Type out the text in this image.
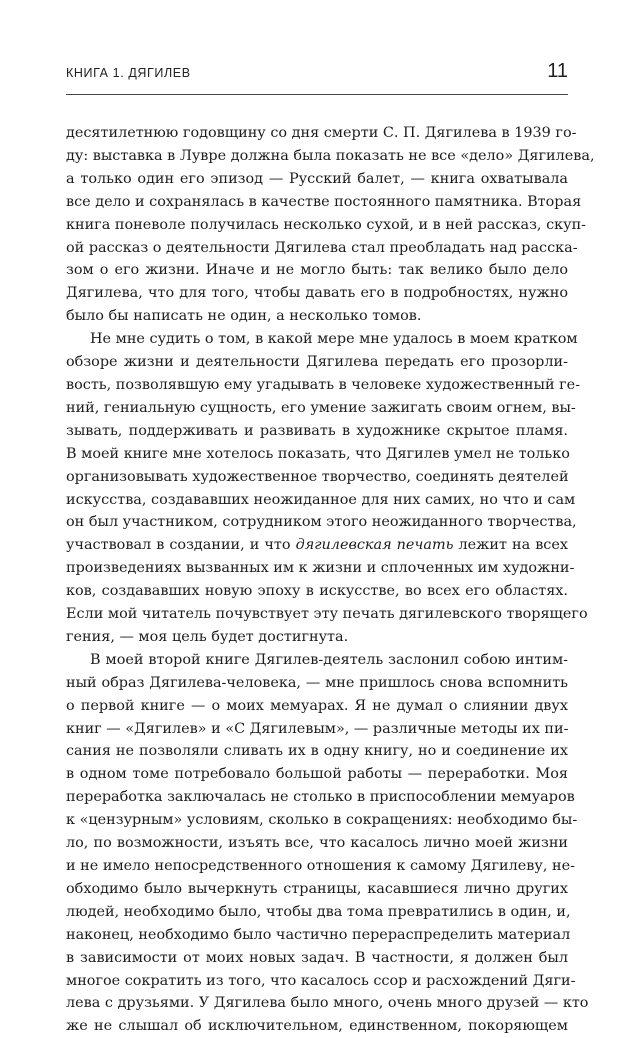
КНИГА 1. ДЯГИЛЕВ	11
десятилетнюю годовщину со дня смерти С. П. Дягилева в 1939 го-
ду: выставка в Лувре должна была показать не все «дело» Дягилева,
а только один его эпизод — Русский балет, — книга охватывала
все дело и сохранялась в качестве постоянного памятника. Вторая
книга поневоле получилась несколько сухой, и в ней рассказ, скуп-
ой рассказ о деятельности Дягилева стал преобладать над расска-
зом о его жизни. Иначе и не могло быть: так велико было дело
Дягилева, что для того, чтобы давать его в подробностях, нужно
было бы написать не один, а несколько томов.
Не мне судить о том, в какой мере мне удалось в моем кратком
обзоре жизни и деятельности Дягилева передать его прозорли-
вость, позволявшую ему угадывать в человеке художественный ге-
ний, гениальную сущность, его умение зажигать своим огнем, вы-
зывать, поддерживать и развивать в художнике скрытое пламя.
В моей книге мне хотелось показать, что Дягилев умел не только
организовывать художественное творчество, соединять деятелей
искусства, создававших неожиданное для них самих, но что и сам
он был участником, сотрудником этого неожиданного творчества,
участвовал в создании, и что дягилевская печать лежит на всех
произведениях вызванных им к жизни и сплоченных им художни-
ков, создававших новую эпоху в искусстве, во всех его областях.
Если мой читатель почувствует эту печать дягилевского творящего
гения, — моя цель будет достигнута.
В моей второй книге Дягилев-деятель заслонил собою интим-
ный образ Дягилева-человека, — мне пришлось снова вспомнить
о первой книге — о моих мемуарах. Я не думал о слиянии двух
книг — «Дягилев» и «С Дягилевым», — различные методы их пи-
сания не позволяли сливать их в одну книгу, но и соединение их
в одном томе потребовало большой работы — переработки. Моя
переработка заключалась не столько в приспособлении мемуаров
к «цензурным» условиям, сколько в сокращениях: необходимо бы-
ло, по возможности, изъять все, что касалось лично моей жизни
и не имело непосредственного отношения к самому Дягилеву, не-
обходимо было вычеркнуть страницы, касавшиеся лично других
людей, необходимо было, чтобы два тома превратились в один, и,
наконец, необходимо было частично перераспределить материал
в зависимости от моих новых задач. В частности, я должен был
многое сократить из того, что касалось ссор и расхождений Дяги-
лева с друзьями. У Дягилева было много, очень много друзей — кто
же не слышал об исключительном, единственном, покоряющем
